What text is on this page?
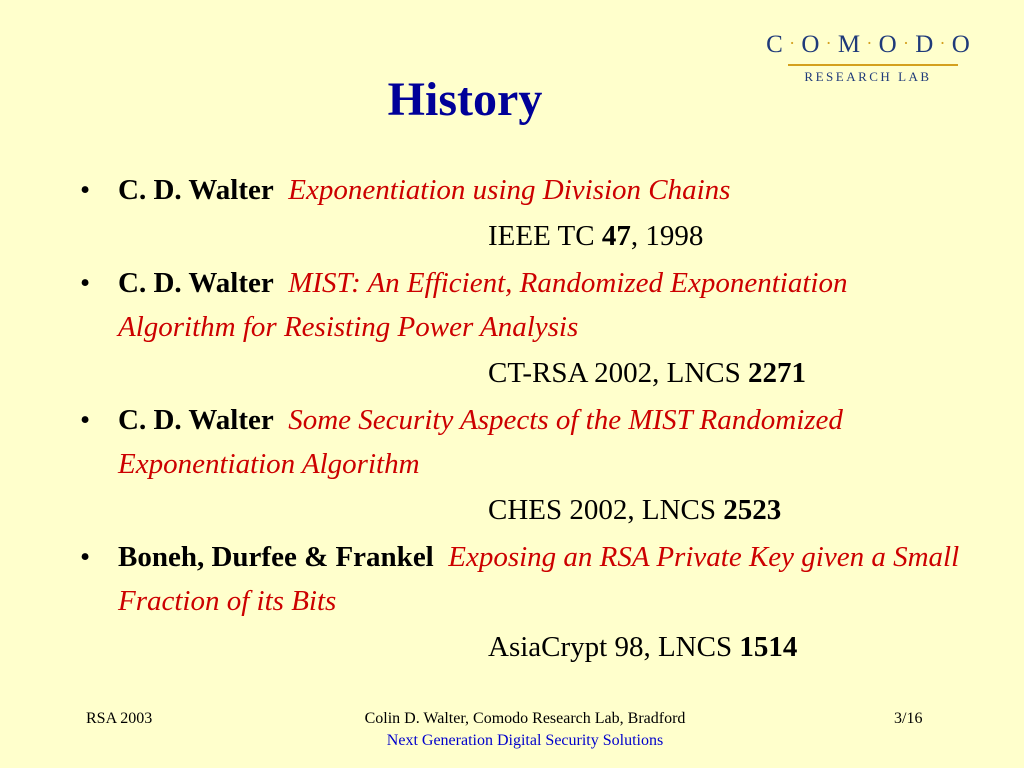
C · O · M · O · D · O
RESEARCH LAB
History
• C. D. Walter Exponentiation using Division Chains
IEEE TC 47, 1998
• C. D. Walter MIST: An Efficient, Randomized Exponentiation Algorithm for Resisting Power Analysis
CT-RSA 2002, LNCS 2271
• C. D. Walter Some Security Aspects of the MIST Randomized Exponentiation Algorithm
CHES 2002, LNCS 2523
• Boneh, Durfee & Frankel Exposing an RSA Private Key given a Small Fraction of its Bits
AsiaCrypt 98, LNCS 1514
RSA 2003	Colin D. Walter, Comodo Research Lab, Bradford
Next Generation Digital Security Solutions
3/16
